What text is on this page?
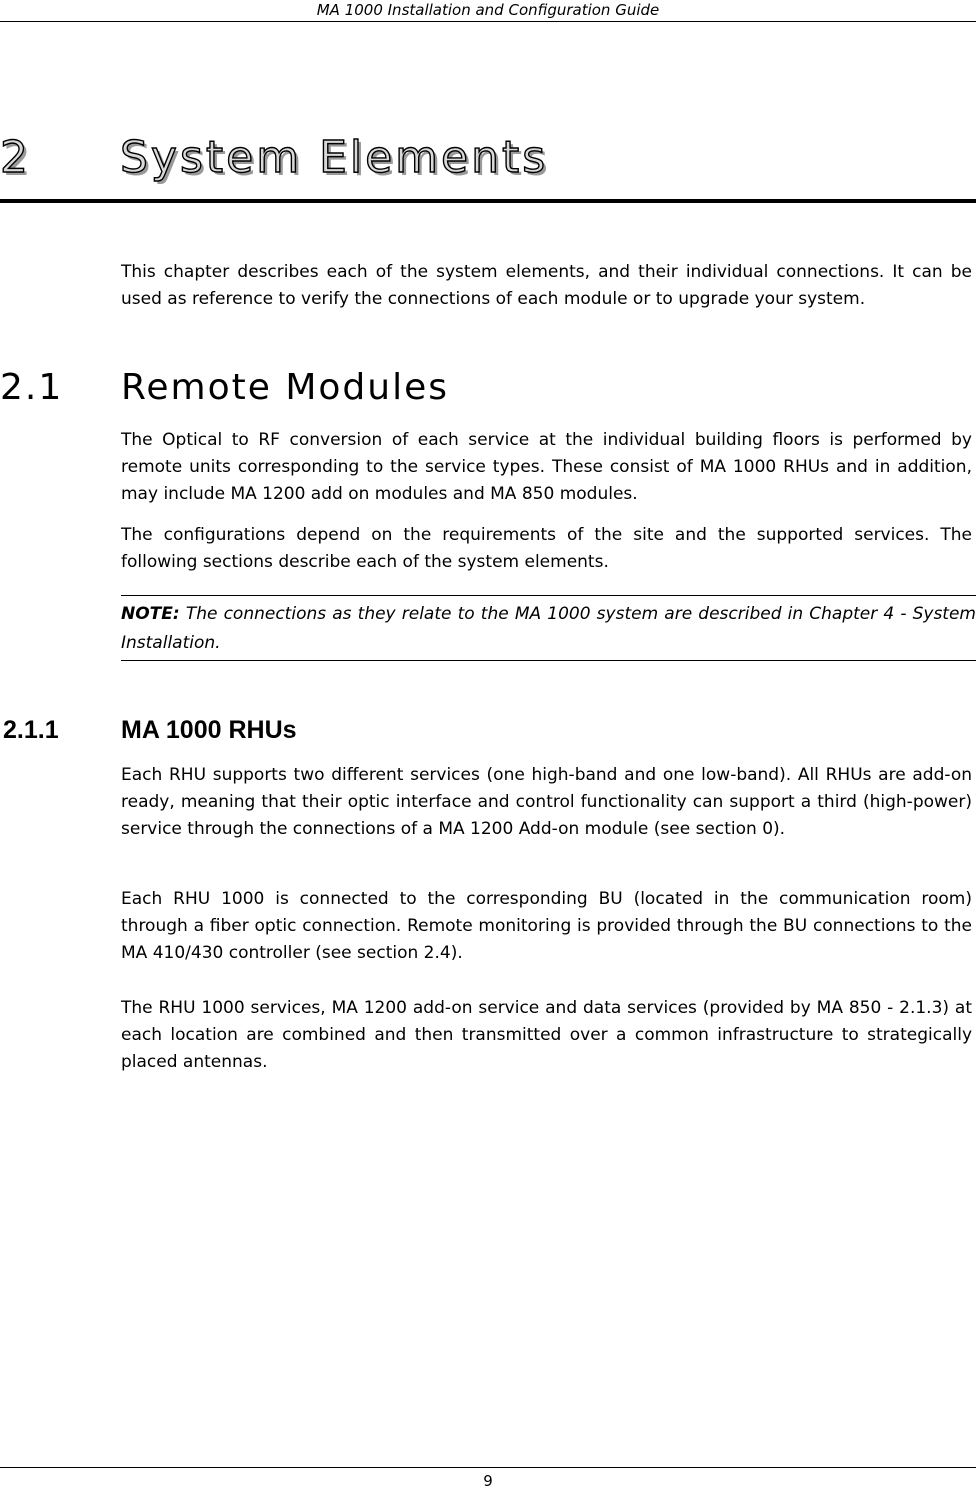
MA 1000 Installation and Configuration Guide
2 System Elements

This chapter describes each of the system elements, and their individual connections. It can be used as reference to verify the connections of each module or to upgrade your system.

2.1 Remote Modules

The Optical to RF conversion of each service at the individual building floors is performed by remote units corresponding to the service types. These consist of MA 1000 RHUs and in addition, may include MA 1200 add on modules and MA 850 modules.

The configurations depend on the requirements of the site and the supported services. The following sections describe each of the system elements.

NOTE: The connections as they relate to the MA 1000 system are described in Chapter 4 - System Installation.

2.1.1 MA 1000 RHUs

Each RHU supports two different services (one high-band and one low-band). All RHUs are add-on ready, meaning that their optic interface and control functionality can support a third (high-power) service through the connections of a MA 1200 Add-on module (see section 0).

Each RHU 1000 is connected to the corresponding BU (located in the communication room) through a fiber optic connection. Remote monitoring is provided through the BU connections to the MA 410/430 controller (see section 2.4).

The RHU 1000 services, MA 1200 add-on service and data services (provided by MA 850 - 2.1.3) at each location are combined and then transmitted over a common infrastructure to strategically placed antennas.

9
